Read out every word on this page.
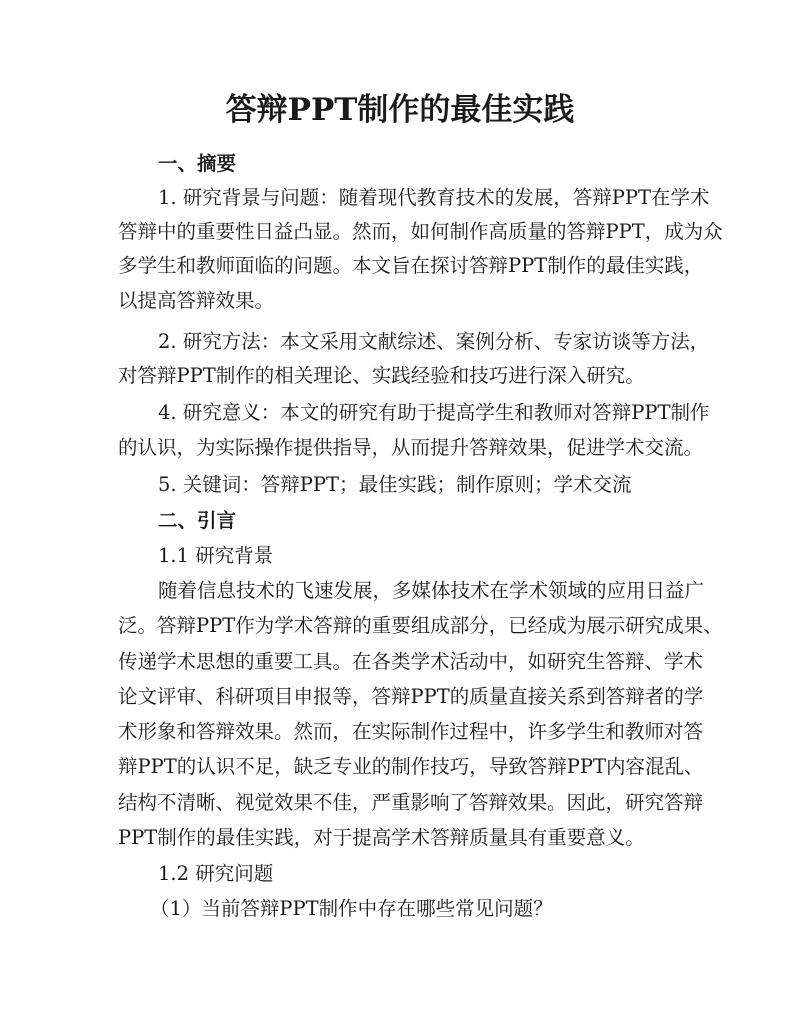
答辩PPT制作的最佳实践
一、摘要
1. 研究背景与问题：随着现代教育技术的发展，答辩PPT在学术
答辩中的重要性日益凸显。然而，如何制作高质量的答辩PPT，成为众
多学生和教师面临的问题。本文旨在探讨答辩PPT制作的最佳实践，
以提高答辩效果。
2. 研究方法：本文采用文献综述、案例分析、专家访谈等方法，
对答辩PPT制作的相关理论、实践经验和技巧进行深入研究。
4. 研究意义：本文的研究有助于提高学生和教师对答辩PPT制作
的认识，为实际操作提供指导，从而提升答辩效果，促进学术交流。
5. 关键词：答辩PPT；最佳实践；制作原则；学术交流
二、引言
1.1 研究背景
随着信息技术的飞速发展，多媒体技术在学术领域的应用日益广
泛。答辩PPT作为学术答辩的重要组成部分，已经成为展示研究成果、
传递学术思想的重要工具。在各类学术活动中，如研究生答辩、学术
论文评审、科研项目申报等，答辩PPT的质量直接关系到答辩者的学
术形象和答辩效果。然而，在实际制作过程中，许多学生和教师对答
辩PPT的认识不足，缺乏专业的制作技巧，导致答辩PPT内容混乱、
结构不清晰、视觉效果不佳，严重影响了答辩效果。因此，研究答辩
PPT制作的最佳实践，对于提高学术答辩质量具有重要意义。
1.2 研究问题
（1）当前答辩PPT制作中存在哪些常见问题？
